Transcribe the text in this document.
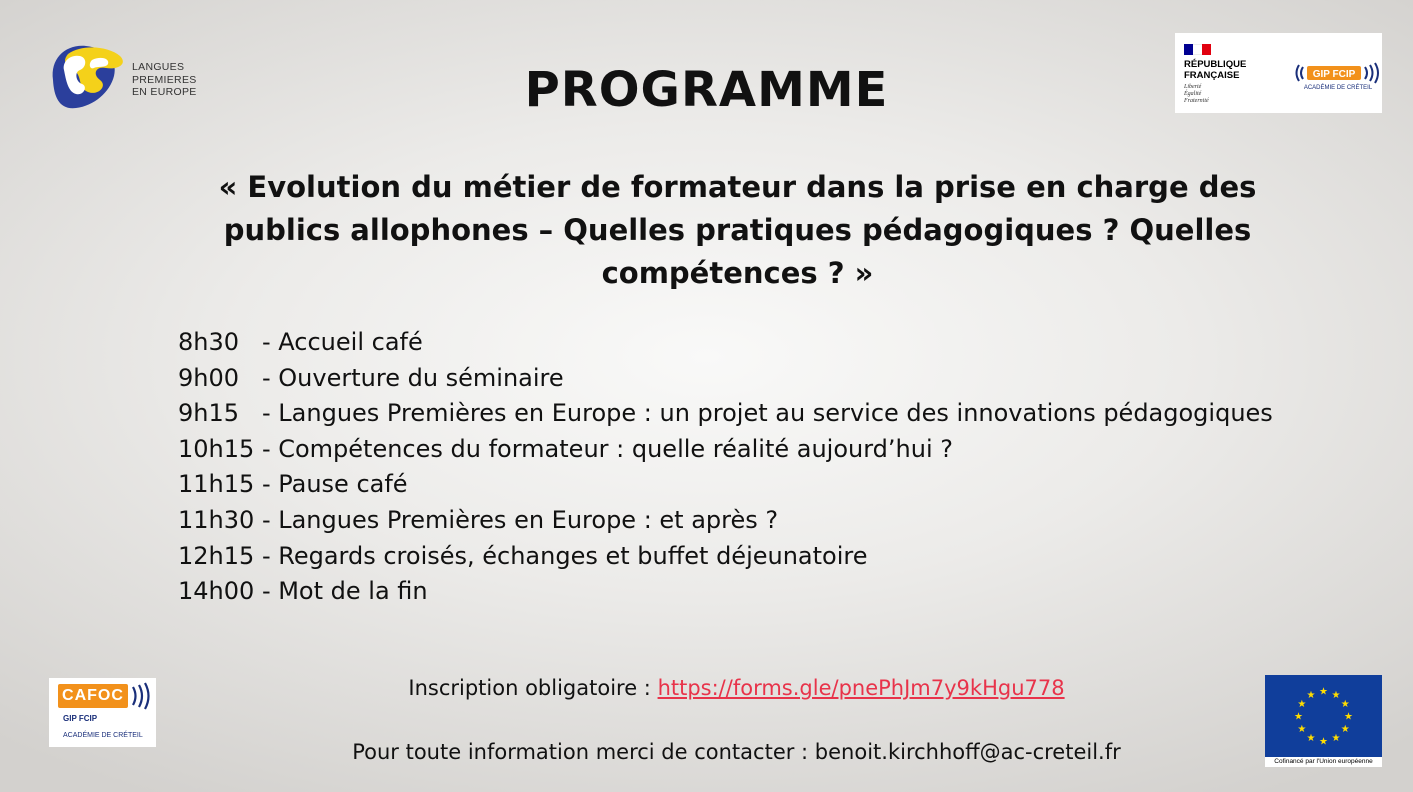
LANGUES
PREMIERES
EN EUROPE
RÉPUBLIQUE
FRANÇAISE
Liberté
Égalité
Fraternité
GIP FCIP
ACADÉMIE DE CRÉTEIL
PROGRAMME
« Evolution du métier de formateur dans la prise en charge des
publics allophones – Quelles pratiques pédagogiques ? Quelles
compétences ? »
8h30 - Accueil café
9h00 - Ouverture du séminaire
9h15 - Langues Premières en Europe : un projet au service des innovations pédagogiques
10h15 - Compétences du formateur : quelle réalité aujourd’hui ?
11h15 - Pause café
11h30 - Langues Premières en Europe : et après ?
12h15 - Regards croisés, échanges et buffet déjeunatoire
14h00 - Mot de la fin
Inscription obligatoire : https://forms.gle/pnePhJm7y9kHgu778
Pour toute information merci de contacter : benoit.kirchhoff@ac-creteil.fr
CAFOC
GIP FCIP
ACADÉMIE DE CRÉTEIL
★ ★
★
★
★
★
★
★
★
★
★
★
Cofinancé par l'Union européenne
